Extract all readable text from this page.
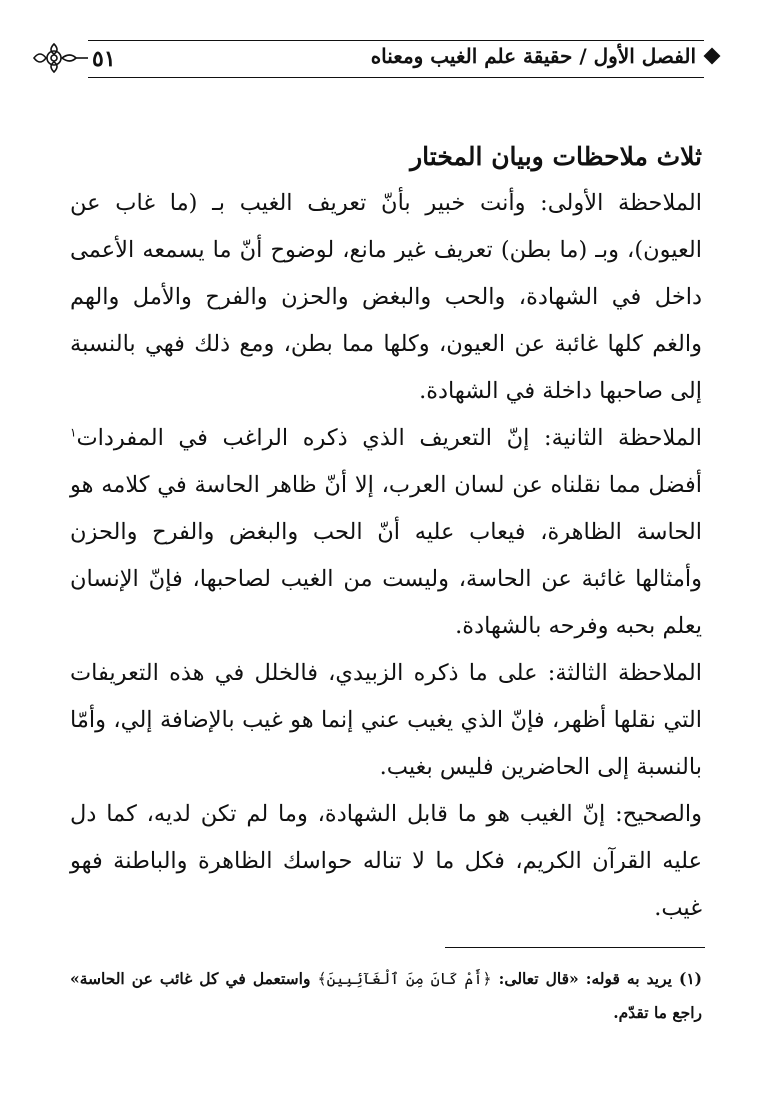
٥١	الفصل الأول / حقيقة علم الغيب ومعناه
ثلاث ملاحظات وبيان المختار

الملاحظة الأولى: وأنت خبير بأنّ تعريف الغيب بـ (ما غاب عن العيون)، وبـ (ما بطن) تعريف غير مانع، لوضوح أنّ ما يسمعه الأعمى داخل في الشهادة، والحب والبغض والحزن والفرح والأمل والهم والغم كلها غائبة عن العيون، وكلها مما بطن، ومع ذلك فهي بالنسبة إلى صاحبها داخلة في الشهادة.

الملاحظة الثانية: إنّ التعريف الذي ذكره الراغب في المفردات$^١$ أفضل مما نقلناه عن لسان العرب، إلا أنّ ظاهر الحاسة في كلامه هو الحاسة الظاهرة، فيعاب عليه أنّ الحب والبغض والفرح والحزن وأمثالها غائبة عن الحاسة، وليست من الغيب لصاحبها، فإنّ الإنسان يعلم بحبه وفرحه بالشهادة.

الملاحظة الثالثة: على ما ذكره الزبيدي، فالخلل في هذه التعريفات التي نقلها أظهر، فإنّ الذي يغيب عني إنما هو غيب بالإضافة إلي، وأمّا بالنسبة إلى الحاضرين فليس بغيب.

والصحيح: إنّ الغيب هو ما قابل الشهادة، وما لم تكن لديه، كما دل عليه القرآن الكريم، فكل ما لا تناله حواسك الظاهرة والباطنة فهو غيب.

(١) يريد به قوله: «قال تعالى: ﴿أَمْ كَانَ مِنَ ٱلْغَآئِبِينَ﴾ واستعمل في كل غائب عن الحاسة» راجع ما تقدّم.
